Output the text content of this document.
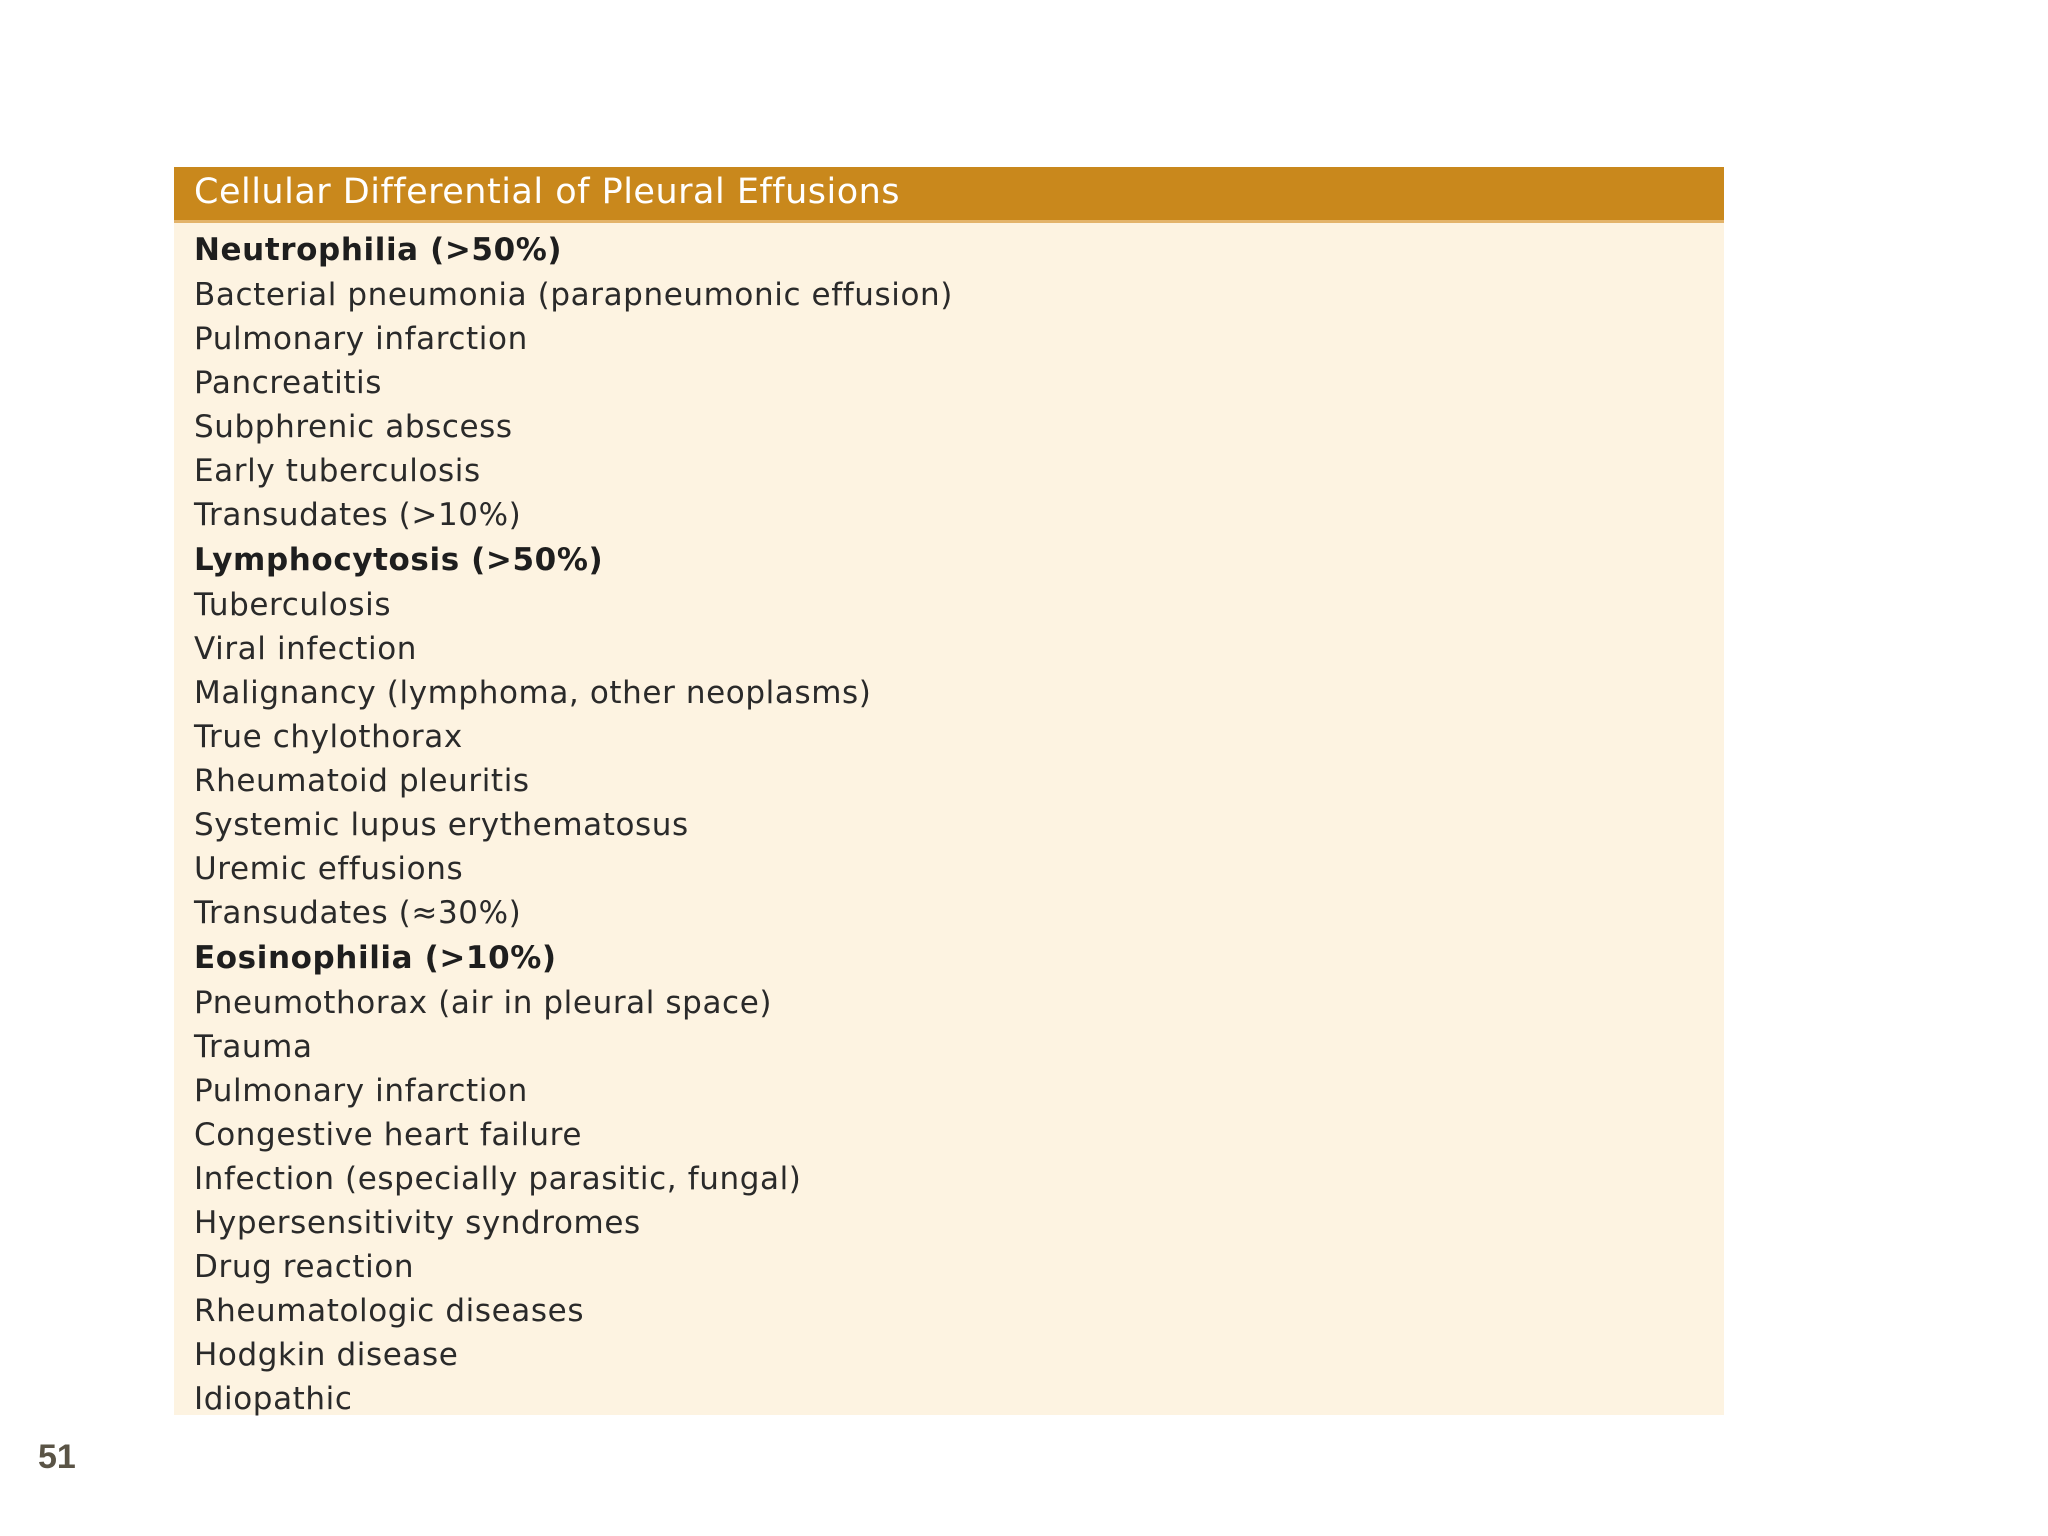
Cellular Differential of Pleural Effusions
Neutrophilia (>50%)
Bacterial pneumonia (parapneumonic effusion)
Pulmonary infarction
Pancreatitis
Subphrenic abscess
Early tuberculosis
Transudates (>10%)
Lymphocytosis (>50%)
Tuberculosis
Viral infection
Malignancy (lymphoma, other neoplasms)
True chylothorax
Rheumatoid pleuritis
Systemic lupus erythematosus
Uremic effusions
Transudates (≈30%)
Eosinophilia (>10%)
Pneumothorax (air in pleural space)
Trauma
Pulmonary infarction
Congestive heart failure
Infection (especially parasitic, fungal)
Hypersensitivity syndromes
Drug reaction
Rheumatologic diseases
Hodgkin disease
Idiopathic
51
